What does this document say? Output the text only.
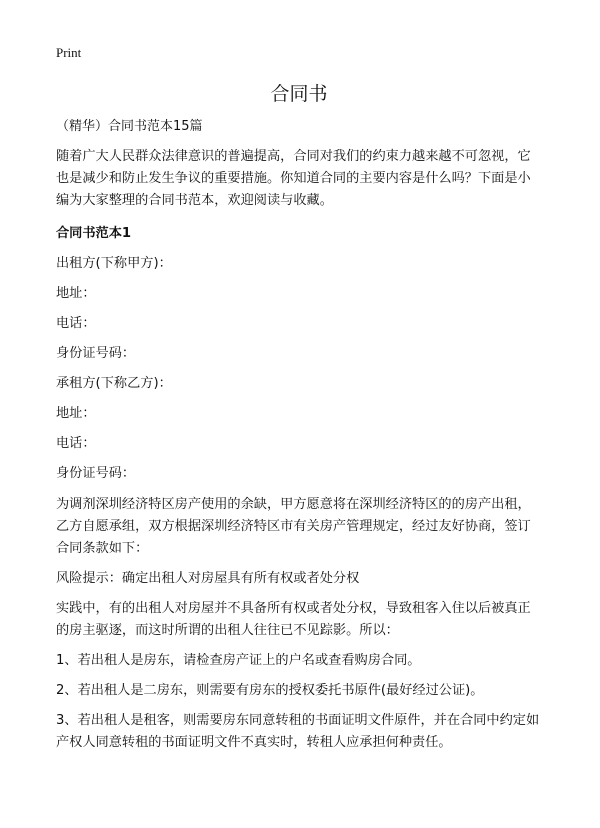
Print
合同书
（精华）合同书范本15篇

随着广大人民群众法律意识的普遍提高，合同对我们的约束力越来越不可忽视，它也是减少和防止发生争议的重要措施。你知道合同的主要内容是什么吗？下面是小编为大家整理的合同书范本，欢迎阅读与收藏。

合同书范本1
出租方(下称甲方)：
地址：
电话：
身份证号码：
承租方(下称乙方)：
地址：
电话：
身份证号码：

为调剂深圳经济特区房产使用的余缺，甲方愿意将在深圳经济特区的的房产出租，乙方自愿承组，双方根据深圳经济特区市有关房产管理规定，经过友好协商，签订合同条款如下：

风险提示：确定出租人对房屋具有所有权或者处分权

实践中，有的出租人对房屋并不具备所有权或者处分权，导致租客入住以后被真正的房主驱逐，而这时所谓的出租人往往已不见踪影。所以：

1、若出租人是房东，请检查房产证上的户名或查看购房合同。

2、若出租人是二房东，则需要有房东的授权委托书原件(最好经过公证)。

3、若出租人是租客，则需要房东同意转租的书面证明文件原件，并在合同中约定如产权人同意转租的书面证明文件不真实时，转租人应承担何种责任。
